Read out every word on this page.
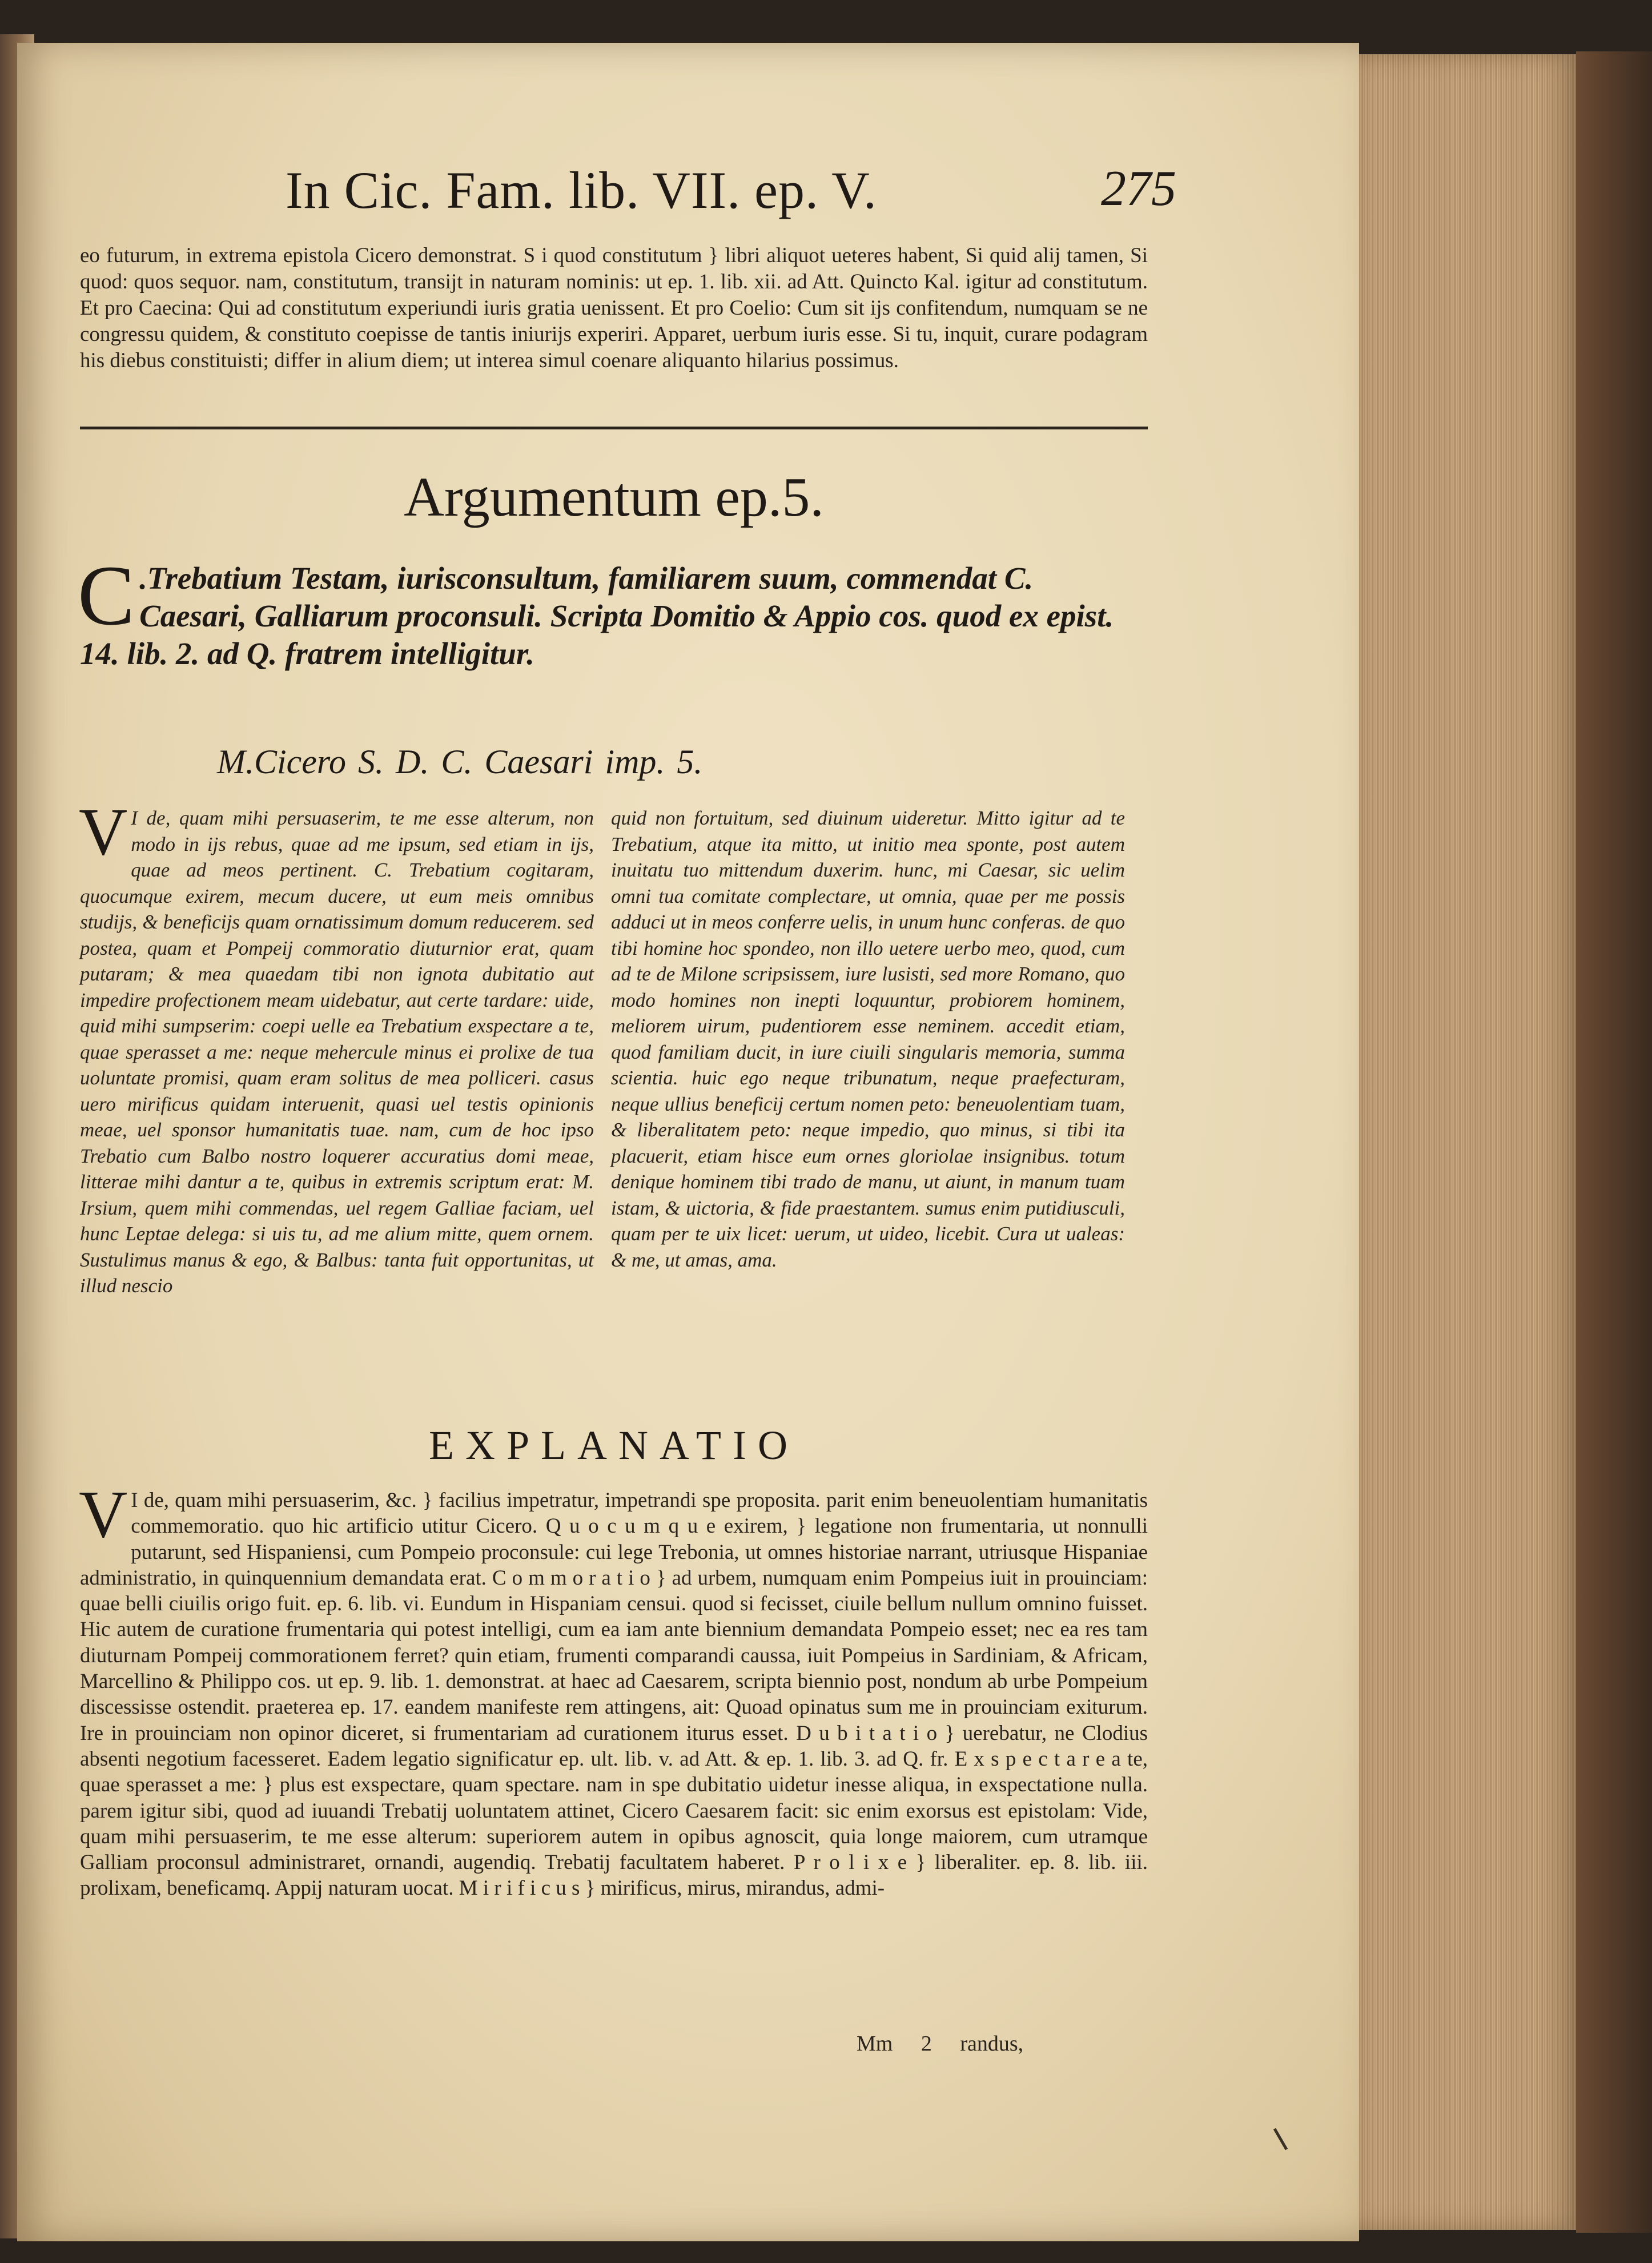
In Cic. Fam. lib. VII. ep. V.	275

eo futurum, in extrema epistola Cicero demonstrat. S i quod constitutum } libri aliquot ueteres habent, Si quid alij tamen, Si quod: quos sequor. nam, constitutum, transijt in naturam nominis: ut ep. 1. lib. xii. ad Att. Quincto Kal. igitur ad constitutum. Et pro Caecina: Qui ad constitutum experiundi iuris gratia uenissent. Et pro Coelio: Cum sit ijs confitendum, numquam se ne congressu quidem, & constituto coepisse de tantis iniurijs experiri. Apparet, uerbum iuris esse. Si tu, inquit, curare podagram his diebus constituisti; differ in alium diem; ut interea simul coenare aliquanto hilarius possimus.

Argumentum ep.5.
C .Trebatium Testam, iurisconsultum, familiarem suum, commendat C. Caesari, Galliarum proconsuli. Scripta Domitio & Appio cos. quod ex epist. 14. lib. 2. ad Q. fratrem intelligitur.
M.Cicero S. D. C. Caesari imp. 5.

V I de, quam mihi persuaserim, te me esse alterum, non modo in ijs rebus, quae ad me ipsum, sed etiam in ijs, quae ad meos pertinent. C. Trebatium cogitaram, quocumque exirem, mecum ducere, ut eum meis omnibus studijs, & beneficijs quam ornatissimum domum reducerem. sed postea, quam et Pompeij commoratio diuturnior erat, quam putaram; & mea quaedam tibi non ignota dubitatio aut impedire profectionem meam uidebatur, aut certe tardare: uide, quid mihi sumpserim: coepi uelle ea Trebatium exspectare a te, quae sperasset a me: neque mehercule minus ei prolixe de tua uoluntate promisi, quam eram solitus de mea polliceri. casus uero mirificus quidam interuenit, quasi uel testis opinionis meae, uel sponsor humanitatis tuae. nam, cum de hoc ipso Trebatio cum Balbo nostro loquerer accuratius domi meae, litterae mihi dantur a te, quibus in extremis scriptum erat: M. Irsium, quem mihi commendas, uel regem Galliae faciam, uel hunc Leptae delega: si uis tu, ad me alium mitte, quem ornem. Sustulimus manus & ego, & Balbus: tanta fuit opportunitas, ut illud nescio

quid non fortuitum, sed diuinum uideretur. Mitto igitur ad te Trebatium, atque ita mitto, ut initio mea sponte, post autem inuitatu tuo mittendum duxerim. hunc, mi Caesar, sic uelim omni tua comitate complectare, ut omnia, quae per me possis adduci ut in meos conferre uelis, in unum hunc conferas. de quo tibi homine hoc spondeo, non illo uetere uerbo meo, quod, cum ad te de Milone scripsissem, iure lusisti, sed more Romano, quo modo homines non inepti loquuntur, probiorem hominem, meliorem uirum, pudentiorem esse neminem. accedit etiam, quod familiam ducit, in iure ciuili singularis memoria, summa scientia. huic ego neque tribunatum, neque praefecturam, neque ullius beneficij certum nomen peto: beneuolentiam tuam, & liberalitatem peto: neque impedio, quo minus, si tibi ita placuerit, etiam hisce eum ornes gloriolae insignibus. totum denique hominem tibi trado de manu, ut aiunt, in manum tuam istam, & uictoria, & fide praestantem. sumus enim putidiusculi, quam per te uix licet: uerum, ut uideo, licebit. Cura ut ualeas: & me, ut amas, ama.

EXPLANATIO

V I de, quam mihi persuaserim, &c. } facilius impetratur, impetrandi spe proposita. parit enim beneuolentiam humanitatis commemoratio. quo hic artificio utitur Cicero. Q u o c u m q u e exirem, } legatione non frumentaria, ut nonnulli putarunt, sed Hispaniensi, cum Pompeio proconsule: cui lege Trebonia, ut omnes historiae narrant, utriusque Hispaniae administratio, in quinquennium demandata erat. C o m m o r a t i o } ad urbem, numquam enim Pompeius iuit in prouinciam: quae belli ciuilis origo fuit. ep. 6. lib. vi. Eundum in Hispaniam censui. quod si fecisset, ciuile bellum nullum omnino fuisset. Hic autem de curatione frumentaria qui potest intelligi, cum ea iam ante biennium demandata Pompeio esset; nec ea res tam diuturnam Pompeij commorationem ferret? quin etiam, frumenti comparandi caussa, iuit Pompeius in Sardiniam, & Africam, Marcellino & Philippo cos. ut ep. 9. lib. 1. demonstrat. at haec ad Caesarem, scripta biennio post, nondum ab urbe Pompeium discessisse ostendit. praeterea ep. 17. eandem manifeste rem attingens, ait: Quoad opinatus sum me in prouinciam exiturum. Ire in prouinciam non opinor diceret, si frumentariam ad curationem iturus esset. D u b i t a t i o } uerebatur, ne Clodius absenti negotium facesseret. Eadem legatio significatur ep. ult. lib. v. ad Att. & ep. 1. lib. 3. ad Q. fr. E x s p e c t a r e a te, quae sperasset a me: } plus est exspectare, quam spectare. nam in spe dubitatio uidetur inesse aliqua, in exspectatione nulla. parem igitur sibi, quod ad iuuandi Trebatij uoluntatem attinet, Cicero Caesarem facit: sic enim exorsus est epistolam: Vide, quam mihi persuaserim, te me esse alterum: superiorem autem in opibus agnoscit, quia longe maiorem, cum utramque Galliam proconsul administraret, ornandi, augendiq. Trebatij facultatem haberet. P r o l i x e } liberaliter. ep. 8. lib. iii. prolixam, beneficamq. Appij naturam uocat. M i r i f i c u s } mirificus, mirus, mirandus, admi-

Mm 2 randus,
